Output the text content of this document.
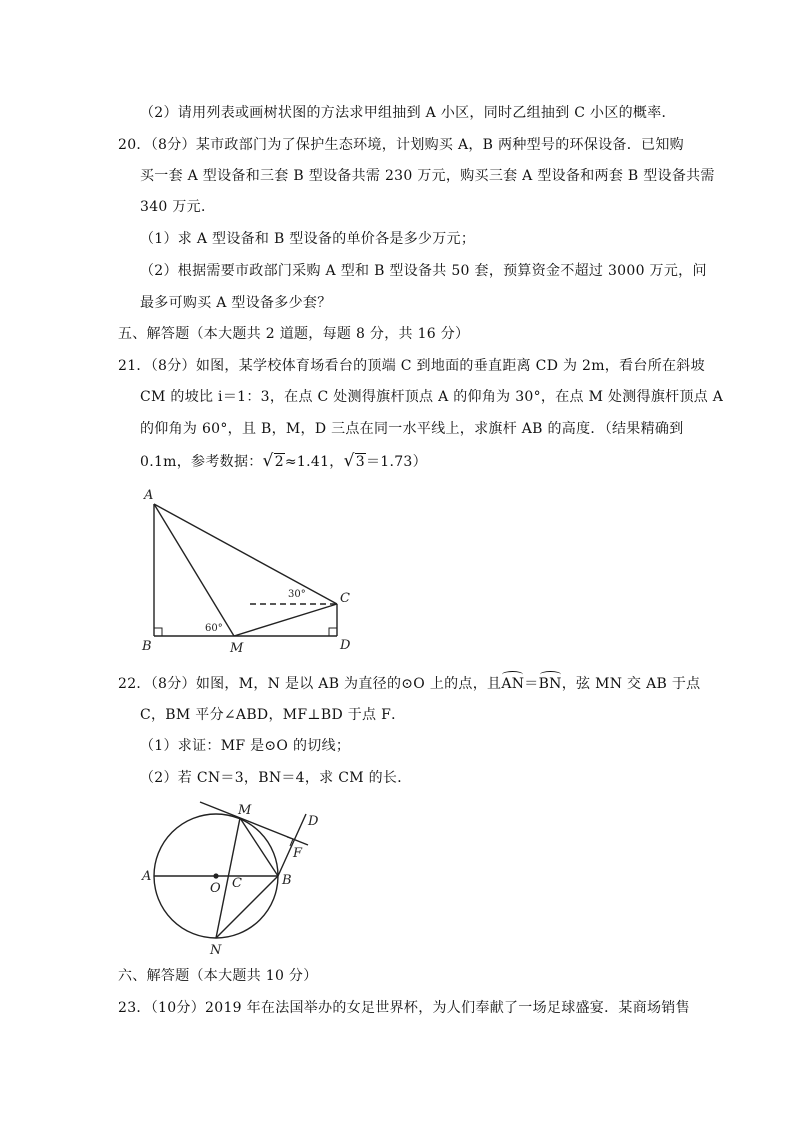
（2）请用列表或画树状图的方法求甲组抽到 A 小区，同时乙组抽到 C 小区的概率．
20．（8分）某市政部门为了保护生态环境，计划购买 A，B 两种型号的环保设备．已知购
买一套 A 型设备和三套 B 型设备共需 230 万元，购买三套 A 型设备和两套 B 型设备共需
340 万元．
（1）求 A 型设备和 B 型设备的单价各是多少万元；
（2）根据需要市政部门采购 A 型和 B 型设备共 50 套，预算资金不超过 3000 万元，问
最多可购买 A 型设备多少套？
五、解答题（本大题共 2 道题，每题 8 分，共 16 分）
21．（8分）如图，某学校体育场看台的顶端 C 到地面的垂直距离 CD 为 2m，看台所在斜坡
CM 的坡比 i＝1：3，在点 C 处测得旗杆顶点 A 的仰角为 30°，在点 M 处测得旗杆顶点 A
的仰角为 60°，且 B，M，D 三点在同一水平线上，求旗杆 AB 的高度．（结果精确到
0.1m，参考数据：√2≈1.41，√3＝1.73）
A
B	M
C
D
30°
60°
22．（8分）如图，M，N 是以 AB 为直径的⊙O 上的点，且AN＝BN，弦 MN 交 AB 于点
C，BM 平分∠ABD，MF⊥BD 于点 F．
（1）求证：MF 是⊙O 的切线；
（2）若 CN＝3，BN＝4，求 CM 的长．
M
D
F
A
O C	B
N
六、解答题（本大题共 10 分）
23．（10分）2019 年在法国举办的女足世界杯，为人们奉献了一场足球盛宴．某商场销售
